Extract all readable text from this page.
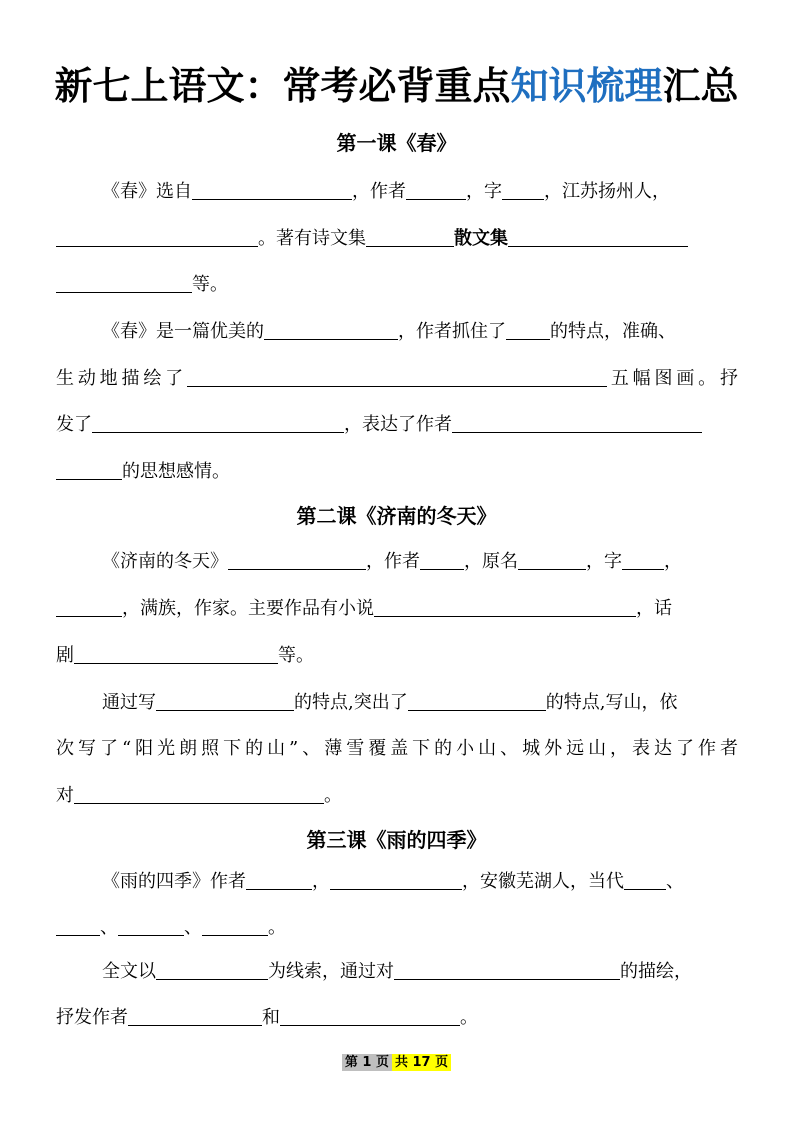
新七上语文：常考必背重点知识梳理汇总
第一课《春》
《春》选自	，作者	，字 ，江苏扬州人，
。著有诗文集	散文集
等。
《春》是一篇优美的	，作者抓住了 的特点，准确、
生动地描绘了	五幅图画。抒
发了	，表达了作者
的思想感情。
第二课《济南的冬天》
《济南的冬天》	，作者 ，原名	，字 ，
，满族，作家。主要作品有小说	，话
剧	等。
通过写	的特点,突出了	的特点,写山，依
次写了“阳光朗照下的山”、薄雪覆盖下的小山、城外远山，表达了作者
对	。
第三课《雨的四季》
《雨的四季》作者	，	，安徽芜湖人，当代 、
、	、	。
全文以	为线索，通过对	的描绘，
抒发作者	和	。
第 1 页 共 17 页
